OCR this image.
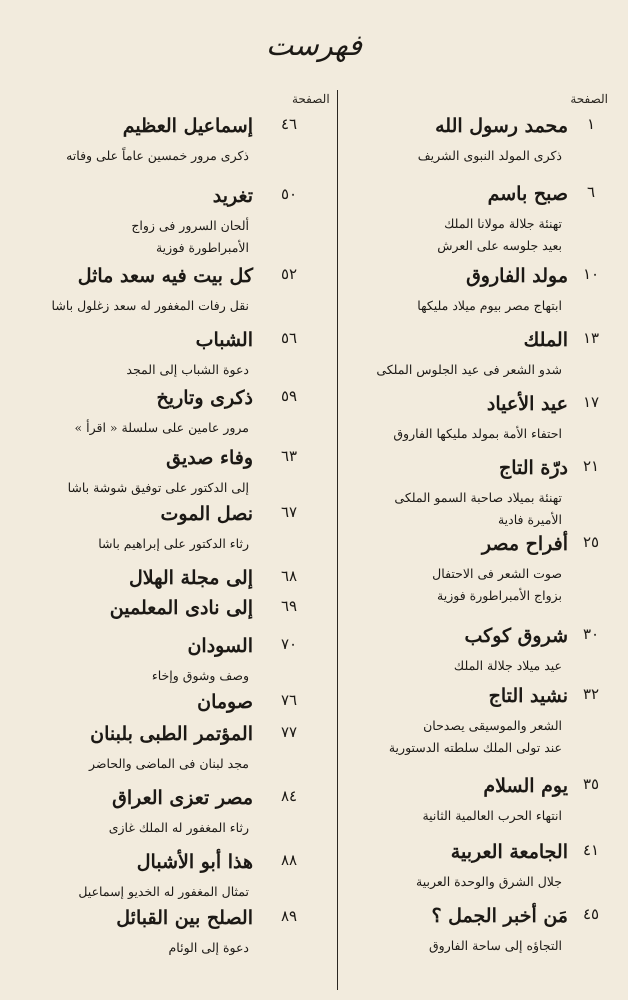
فهرست
الصفحة
الصفحة
١
محمد رسول الله
ذكرى المولد النبوى الشريف
٦
صبح باسم
تهنئة جلالة مولانا الملك
بعيد جلوسه على العرش
١٠
مولد الفاروق
ابتهاج مصر بيوم ميلاد مليكها
١٣
الملك
شدو الشعر فى عيد الجلوس الملكى
١٧
عيد الأعياد
احتفاء الأمة بمولد مليكها الفاروق
٢١
درّة التاج
تهنئة بميلاد صاحبة السمو الملكى
الأميرة فادية
٢٥
أفراح مصر
صوت الشعر فى الاحتفال
بزواج الأمبراطورة فوزية
٣٠
شروق كوكب
عيد ميلاد جلالة الملك
٣٢
نشيد التاج
الشعر والموسيقى يصدحان
عند تولى الملك سلطته الدستورية
٣٥
يوم السلام
انتهاء الحرب العالمية الثانية
٤١
الجامعة العربية
جلال الشرق والوحدة العربية
٤٥
مَن أخبر الجمل ؟
التجاؤه إلى ساحة الفاروق
٤٦
إسماعيل العظيم
ذكرى مرور خمسين عاماً على وفاته
٥٠
تغريد
ألحان السرور فى زواج
الأمبراطورة فوزية
٥٢
كل بيت فيه سعد ماثل
نقل رفات المغفور له سعد زغلول باشا
٥٦
الشباب
دعوة الشباب إلى المجد
٥٩
ذكرى وتاريخ
مرور عامين على سلسلة « اقرأ »
٦٣
وفاء صديق
إلى الدكتور على توفيق شوشة باشا
٦٧
نصل الموت
رثاء الدكتور على إبراهيم باشا
٦٨
إلى مجلة الهلال
٦٩
إلى نادى المعلمين
٧٠
السودان
وصف وشوق وإخاء
٧٦
صومان
٧٧
المؤتمر الطبى بلبنان
مجد لبنان فى الماضى والحاضر
٨٤
مصر تعزى العراق
رثاء المغفور له الملك غازى
٨٨
هذا أبو الأشبال
تمثال المغفور له الخديو إسماعيل
٨٩
الصلح بين القبائل
دعوة إلى الوئام
